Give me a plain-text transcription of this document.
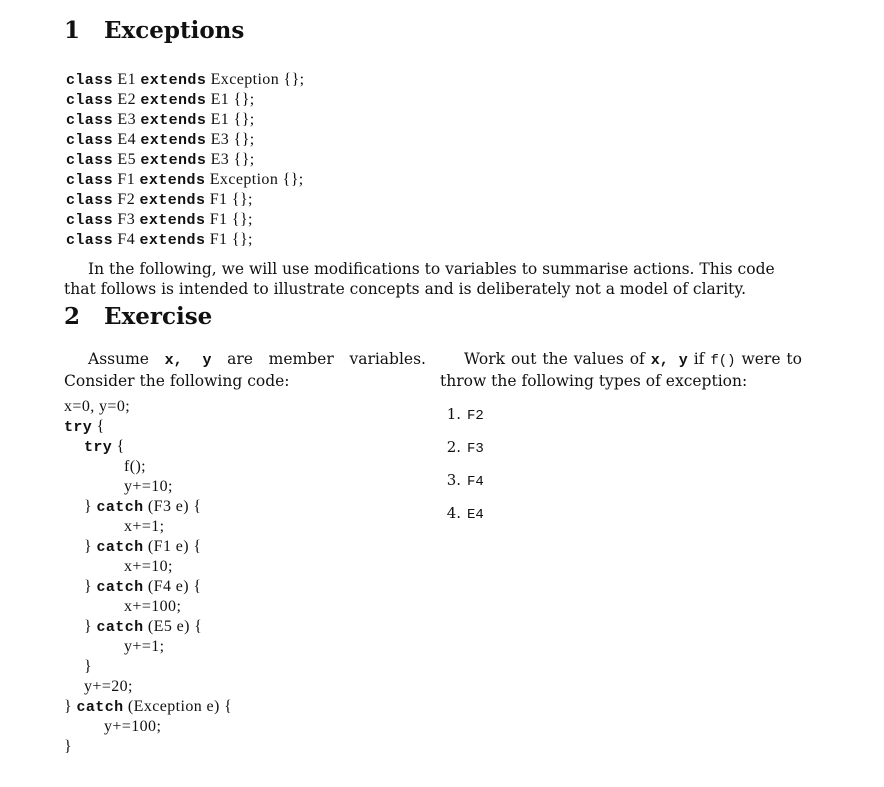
1 Exceptions
class E1 extends Exception {};
class E2 extends E1 {};
class E3 extends E1 {};
class E4 extends E3 {};
class E5 extends E3 {};
class F1 extends Exception {};
class F2 extends F1 {};
class F3 extends F1 {};
class F4 extends F1 {};
In the following, we will use modifications to variables to summarise actions. This code that follows is intended to illustrate concepts and is deliberately not a model of clarity.
2 Exercise
Assume x, y are member variables. Consider the following code:
x=0, y=0;
try {
try {
f();
y+=10;
} catch (F3 e) {
x+=1;
} catch (F1 e) {
x+=10;
} catch (F4 e) {
x+=100;
} catch (E5 e) {
y+=1;
}
y+=20;
} catch (Exception e) {
y+=100;
}
Work out the values of x, y if f() were to throw the following types of exception:
1. F2
2. F3
3. F4
4. E4
